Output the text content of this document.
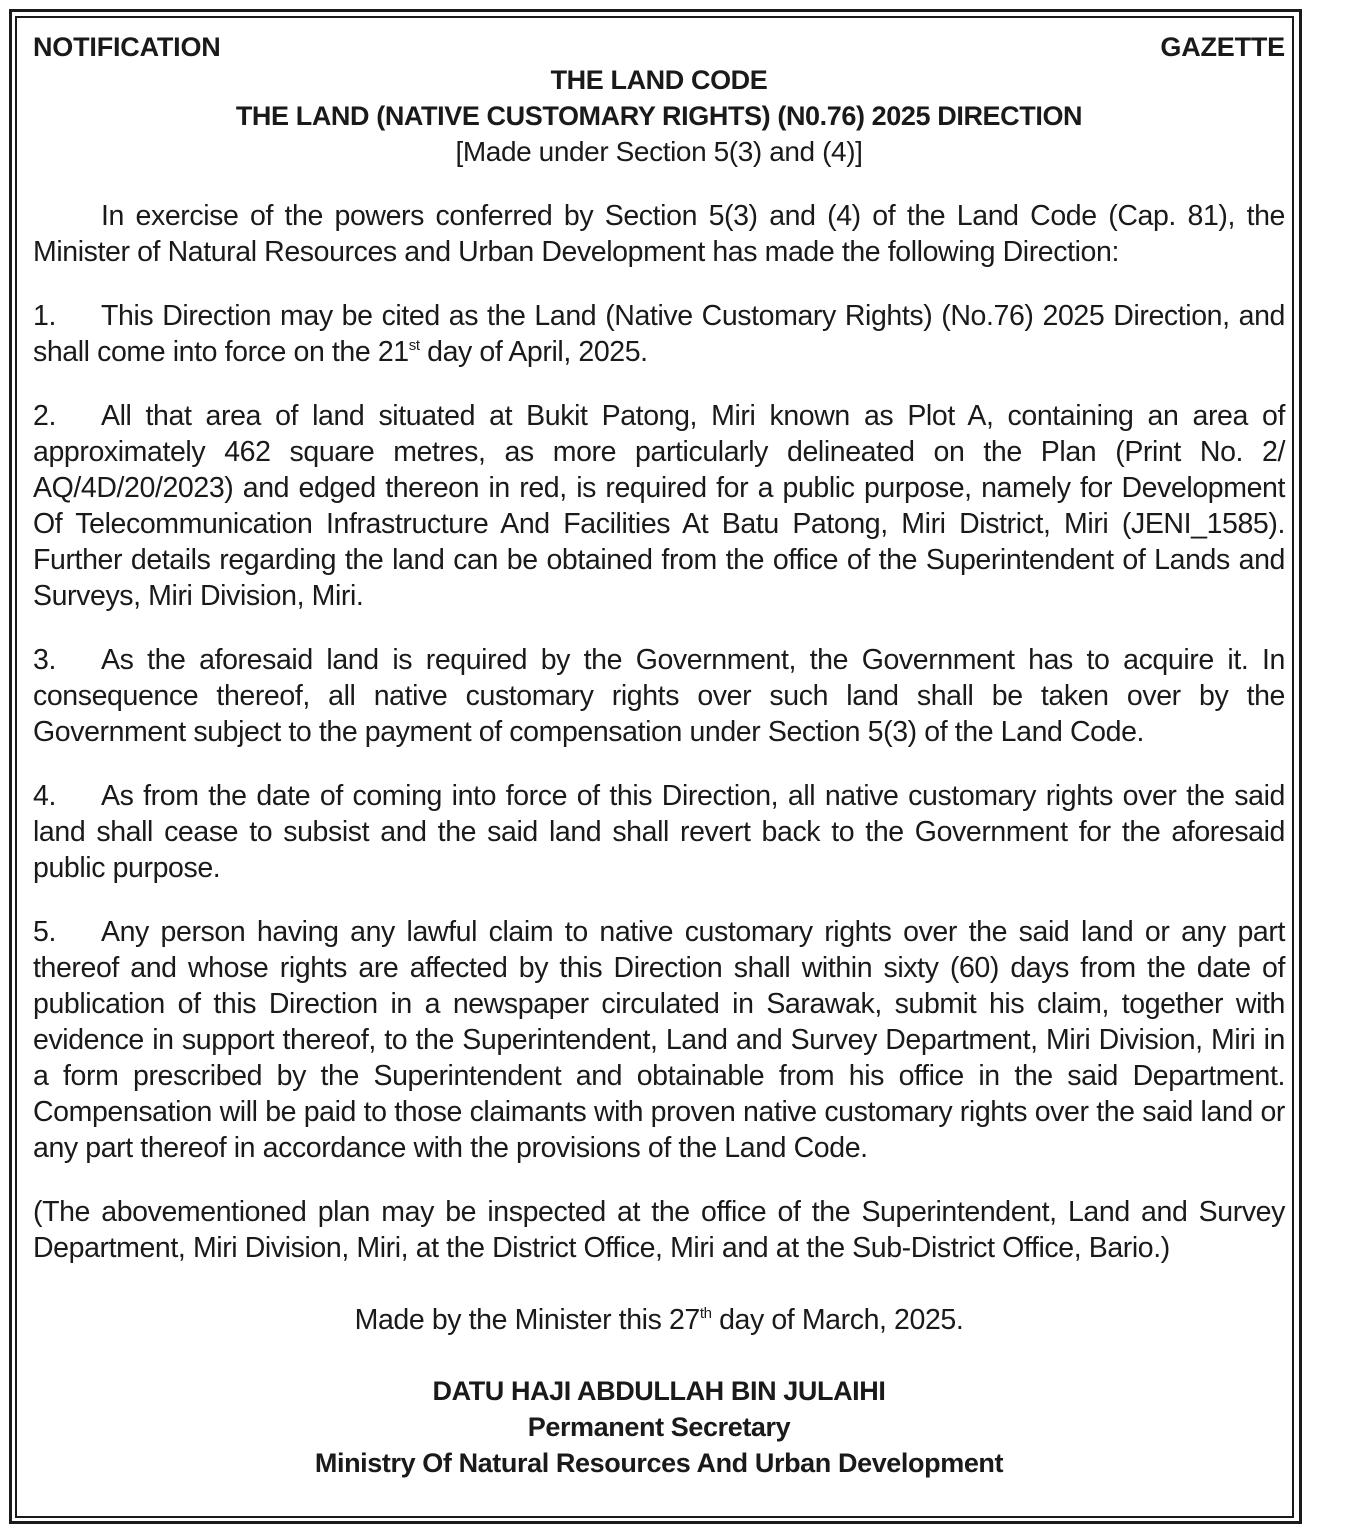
NOTIFICATION	GAZETTE
THE LAND CODE
THE LAND (NATIVE CUSTOMARY RIGHTS) (N0.76) 2025 DIRECTION
[Made under Section 5(3) and (4)]

In exercise of the powers conferred by Section 5(3) and (4) of the Land Code (Cap. 81), the Minister of Natural Resources and Urban Development has made the following Direction:

1. This Direction may be cited as the Land (Native Customary Rights) (No.76) 2025 Direction, and shall come into force on the 21st day of April, 2025.

2. All that area of land situated at Bukit Patong, Miri known as Plot A, containing an area of approximately 462 square metres, as more particularly delineated on the Plan (Print No. 2/ AQ/4D/20/2023) and edged thereon in red, is required for a public purpose, namely for Development Of Telecommunication Infrastructure And Facilities At Batu Patong, Miri District, Miri (JENI_1585). Further details regarding the land can be obtained from the office of the Superintendent of Lands and Surveys, Miri Division, Miri.

3. As the aforesaid land is required by the Government, the Government has to acquire it. In consequence thereof, all native customary rights over such land shall be taken over by the Government subject to the payment of compensation under Section 5(3) of the Land Code.

4. As from the date of coming into force of this Direction, all native customary rights over the said land shall cease to subsist and the said land shall revert back to the Government for the aforesaid public purpose.

5. Any person having any lawful claim to native customary rights over the said land or any part thereof and whose rights are affected by this Direction shall within sixty (60) days from the date of publication of this Direction in a newspaper circulated in Sarawak, submit his claim, together with evidence in support thereof, to the Superintendent, Land and Survey Department, Miri Division, Miri in a form prescribed by the Superintendent and obtainable from his office in the said Department. Compensation will be paid to those claimants with proven native customary rights over the said land or any part thereof in accordance with the provisions of the Land Code.

(The abovementioned plan may be inspected at the office of the Superintendent, Land and Survey Department, Miri Division, Miri, at the District Office, Miri and at the Sub-District Office, Bario.)

Made by the Minister this 27th day of March, 2025.
DATU HAJI ABDULLAH BIN JULAIHI
Permanent Secretary
Ministry Of Natural Resources And Urban Development
